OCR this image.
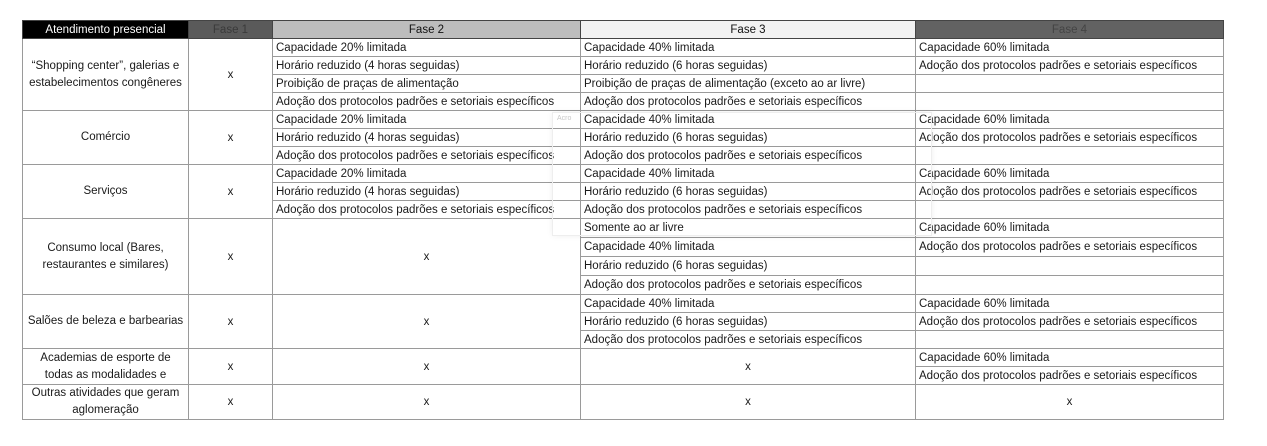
Atendimento presencial	Fase 1	Fase 2	Fase 3	Fase 4
“Shopping center”, galerias e estabelecimentos congêneres	x	Capacidade 20% limitada	Capacidade 40% limitada	Capacidade 60% limitada
		Horário reduzido (4 horas seguidas)	Horário reduzido (6 horas seguidas)	Adoção dos protocolos padrões e setoriais específicos
		Proibição de praças de alimentação	Proibição de praças de alimentação (exceto ao ar livre)	
		Adoção dos protocolos padrões e setoriais específicos	Adoção dos protocolos padrões e setoriais específicos	
Comércio	x	Capacidade 20% limitada	Capacidade 40% limitada	Capacidade 60% limitada
		Horário reduzido (4 horas seguidas)	Horário reduzido (6 horas seguidas)	Adoção dos protocolos padrões e setoriais específicos
		Adoção dos protocolos padrões e setoriais específicos	Adoção dos protocolos padrões e setoriais específicos	
Serviços	x	Capacidade 20% limitada	Capacidade 40% limitada	Capacidade 60% limitada
		Horário reduzido (4 horas seguidas)	Horário reduzido (6 horas seguidas)	Adoção dos protocolos padrões e setoriais específicos
		Adoção dos protocolos padrões e setoriais específicos	Adoção dos protocolos padrões e setoriais específicos	
Consumo local (Bares, restaurantes e similares)	x	x	Somente ao ar livre	Capacidade 60% limitada
			Capacidade 40% limitada	Adoção dos protocolos padrões e setoriais específicos
			Horário reduzido (6 horas seguidas)	
			Adoção dos protocolos padrões e setoriais específicos	
Salões de beleza e barbearias	x	x	Capacidade 40% limitada	Capacidade 60% limitada
			Horário reduzido (6 horas seguidas)	Adoção dos protocolos padrões e setoriais específicos
			Adoção dos protocolos padrões e setoriais específicos	
Academias de esporte de todas as modalidades e	x	x	x	Capacidade 60% limitada
				Adoção dos protocolos padrões e setoriais específicos
Outras atividades que geram aglomeração	x	x	x	x

Acro
